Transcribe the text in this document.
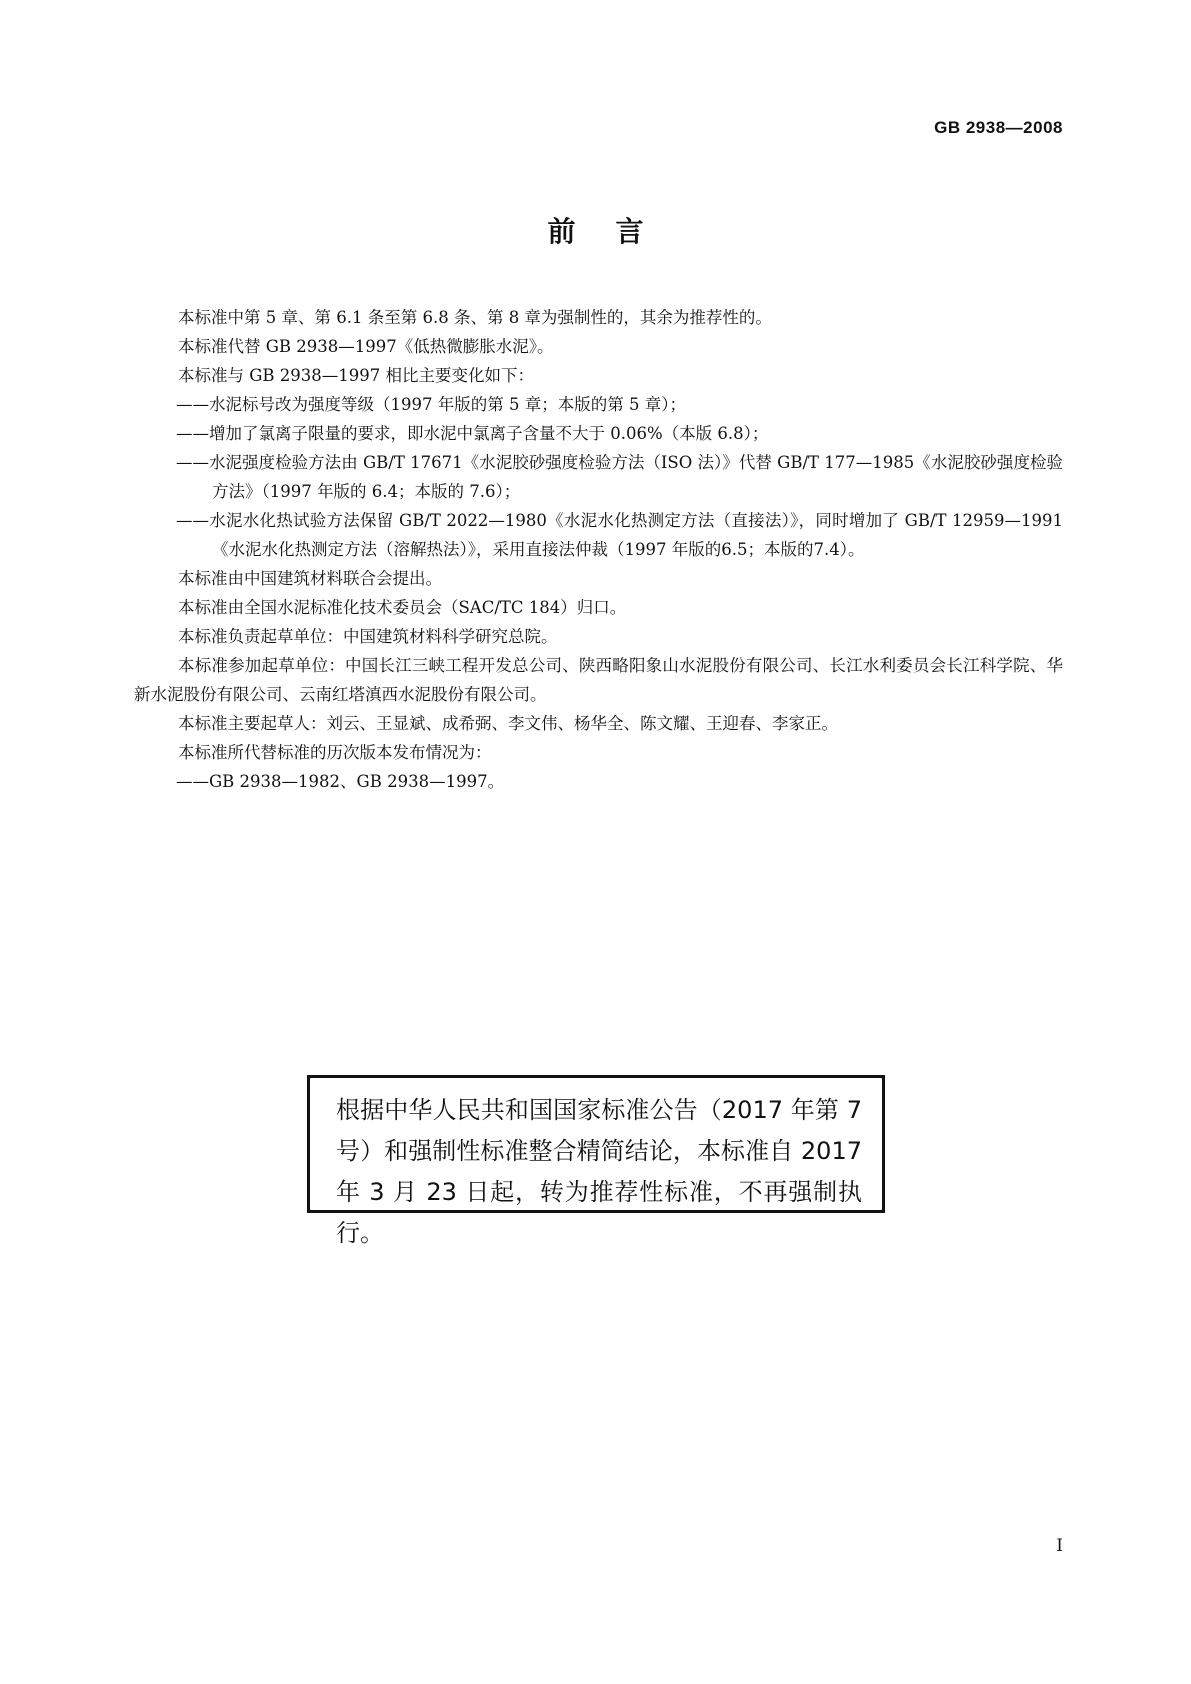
GB 2938—2008
前言

本标准中第 5 章、第 6.1 条至第 6.8 条、第 8 章为强制性的，其余为推荐性的。

本标准代替 GB 2938—1997《低热微膨胀水泥》。

本标准与 GB 2938—1997 相比主要变化如下：

——水泥标号改为强度等级（1997 年版的第 5 章；本版的第 5 章）；

——增加了氯离子限量的要求，即水泥中氯离子含量不大于 0.06%（本版 6.8）；

——水泥强度检验方法由 GB/T 17671《水泥胶砂强度检验方法（ISO 法）》代替 GB/T 177—1985《水泥胶砂强度检验方法》（1997 年版的 6.4；本版的 7.6）；

——水泥水化热试验方法保留 GB/T 2022—1980《水泥水化热测定方法（直接法）》，同时增加了 GB/T 12959—1991《水泥水化热测定方法（溶解热法）》，采用直接法仲裁（1997 年版的6.5；本版的7.4）。

本标准由中国建筑材料联合会提出。

本标准由全国水泥标准化技术委员会（SAC/TC 184）归口。

本标准负责起草单位：中国建筑材料科学研究总院。

本标准参加起草单位：中国长江三峡工程开发总公司、陕西略阳象山水泥股份有限公司、长江水利委员会长江科学院、华新水泥股份有限公司、云南红塔滇西水泥股份有限公司。

本标准主要起草人：刘云、王显斌、成希弼、李文伟、杨华全、陈文耀、王迎春、李家正。

本标准所代替标准的历次版本发布情况为：

——GB 2938—1982、GB 2938—1997。

根据中华人民共和国国家标准公告（2017 年第 7 号）和强制性标准整合精简结论，本标准自 2017 年 3 月 23 日起，转为推荐性标准，不再强制执行。
I
